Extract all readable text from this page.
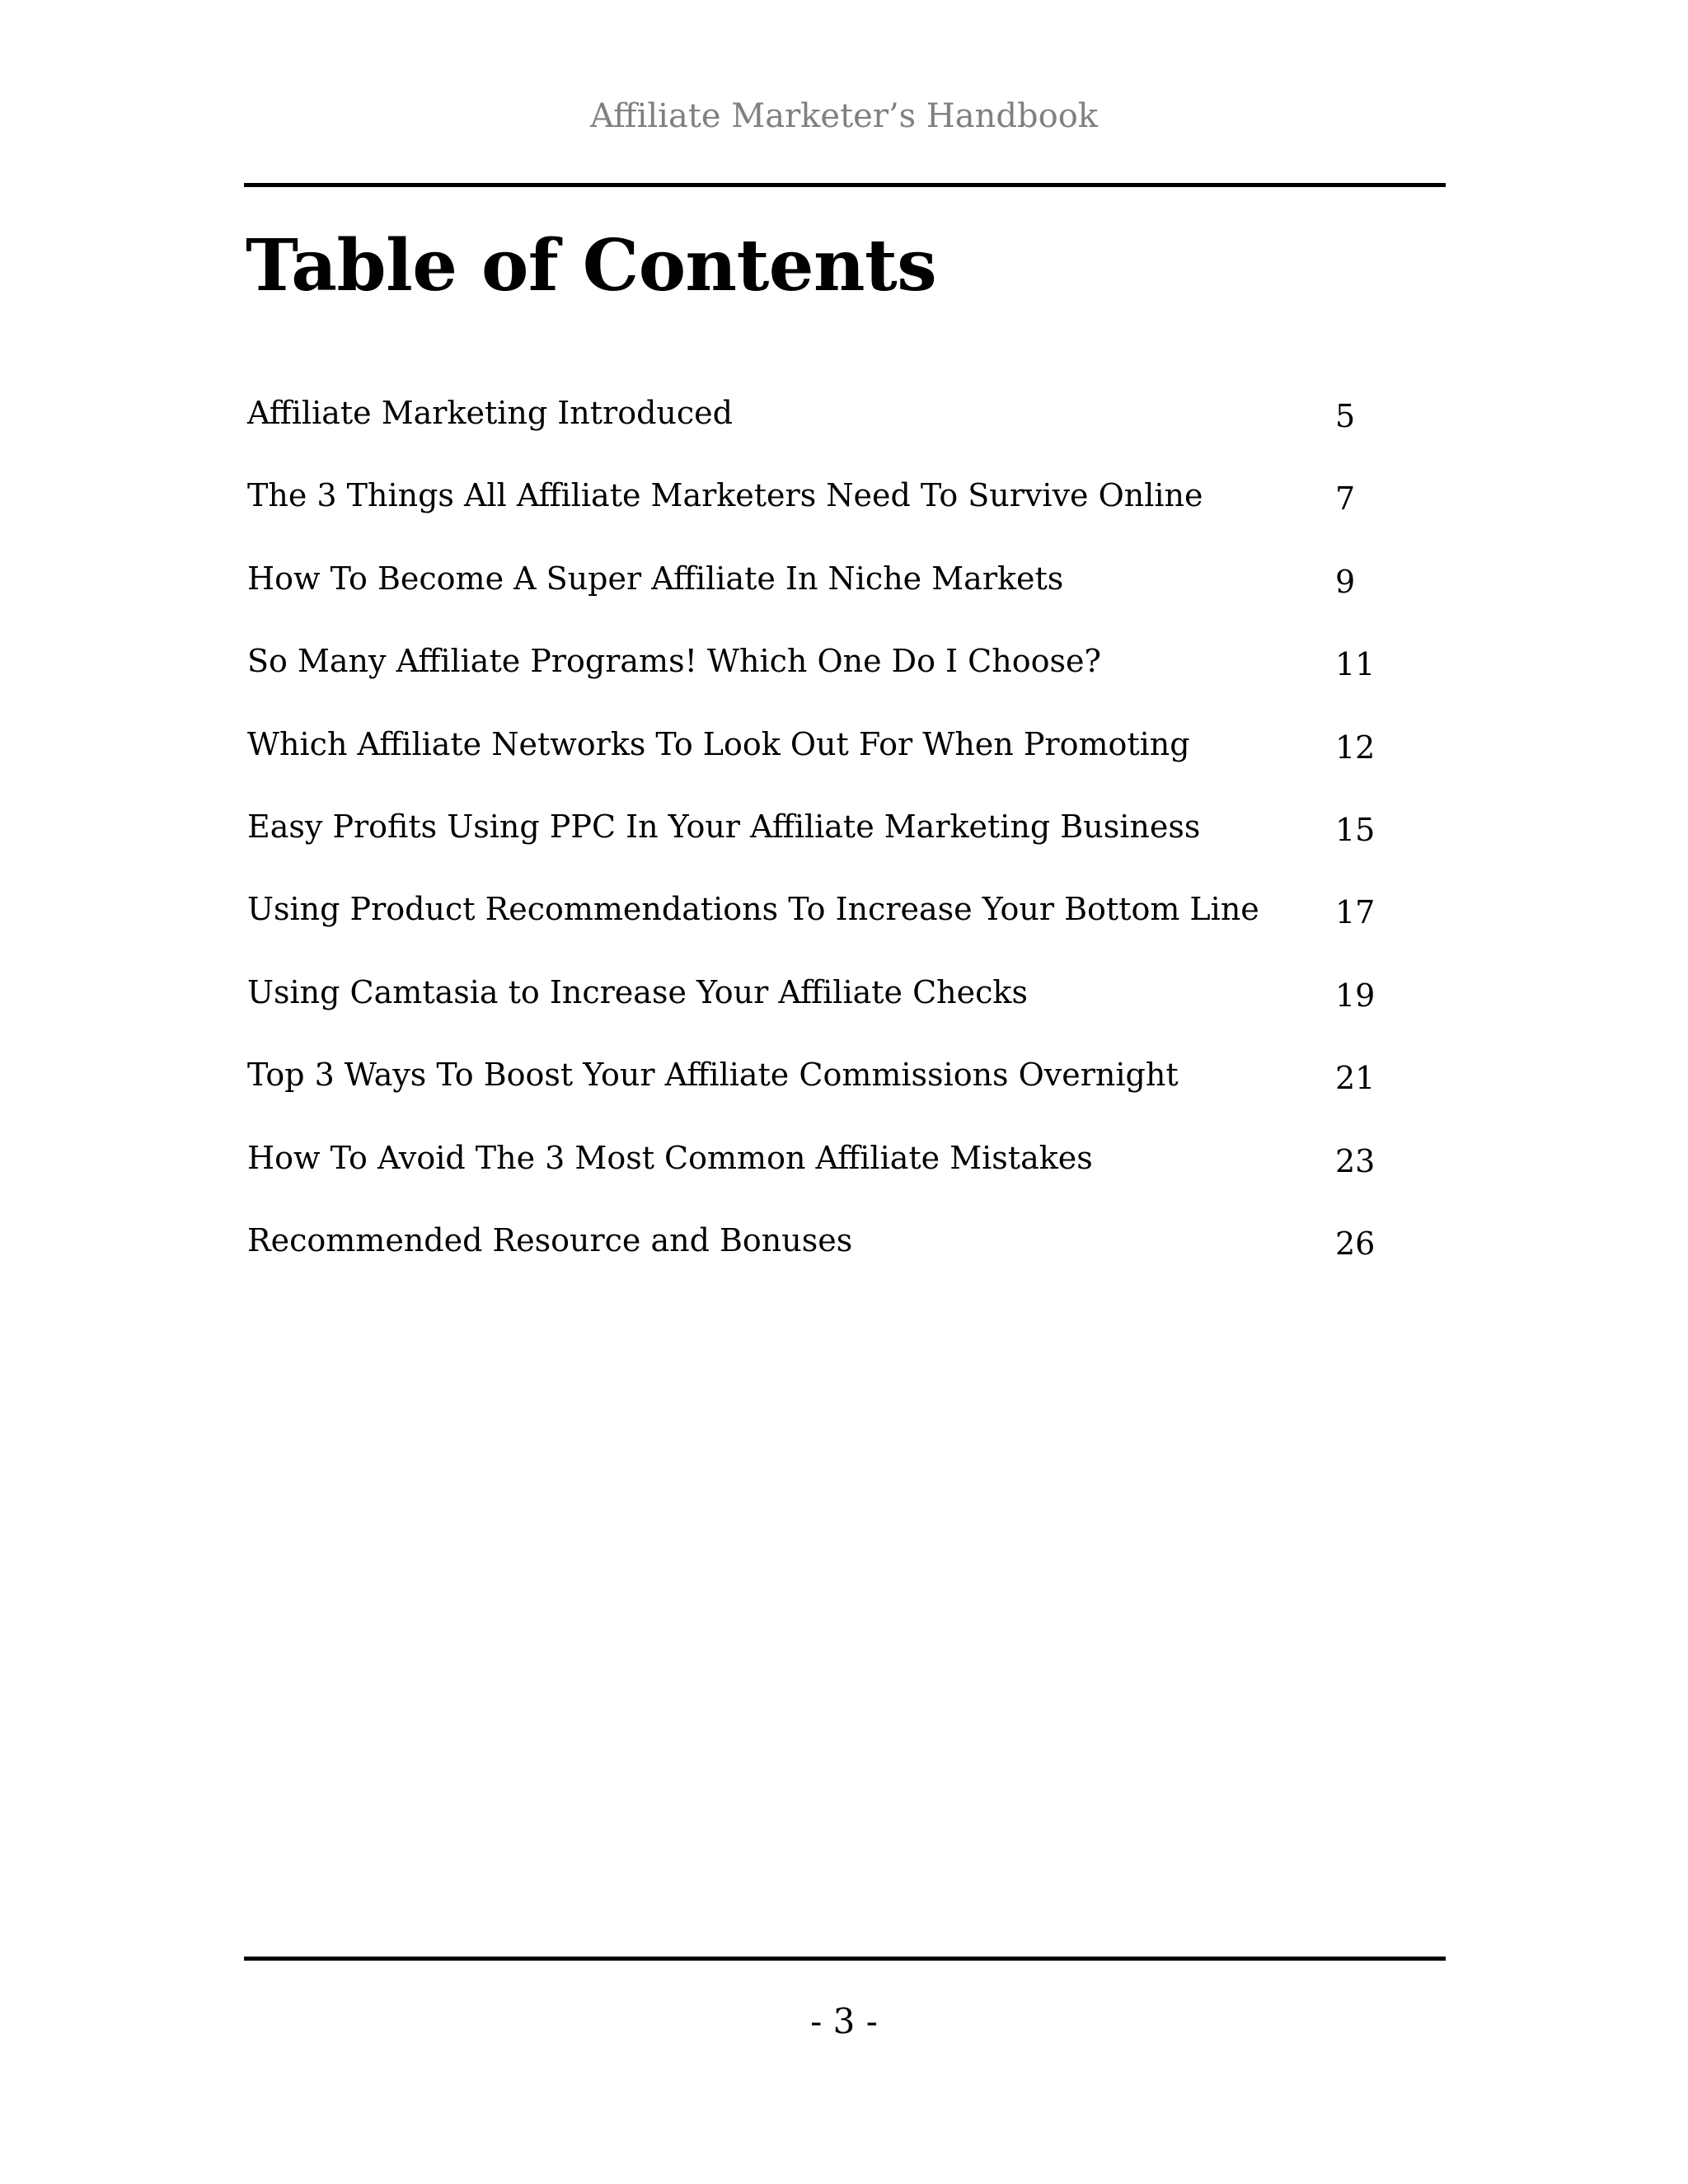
Affiliate Marketer’s Handbook
Table of Contents
Affiliate Marketing Introduced	5
The 3 Things All Affiliate Marketers Need To Survive Online	7
How To Become A Super Affiliate In Niche Markets	9
So Many Affiliate Programs! Which One Do I Choose?	11
Which Affiliate Networks To Look Out For When Promoting	12
Easy Profits Using PPC In Your Affiliate Marketing Business	15
Using Product Recommendations To Increase Your Bottom Line 17
Using Camtasia to Increase Your Affiliate Checks	19
Top 3 Ways To Boost Your Affiliate Commissions Overnight	21
How To Avoid The 3 Most Common Affiliate Mistakes	23
Recommended Resource and Bonuses	26
- 3 -
